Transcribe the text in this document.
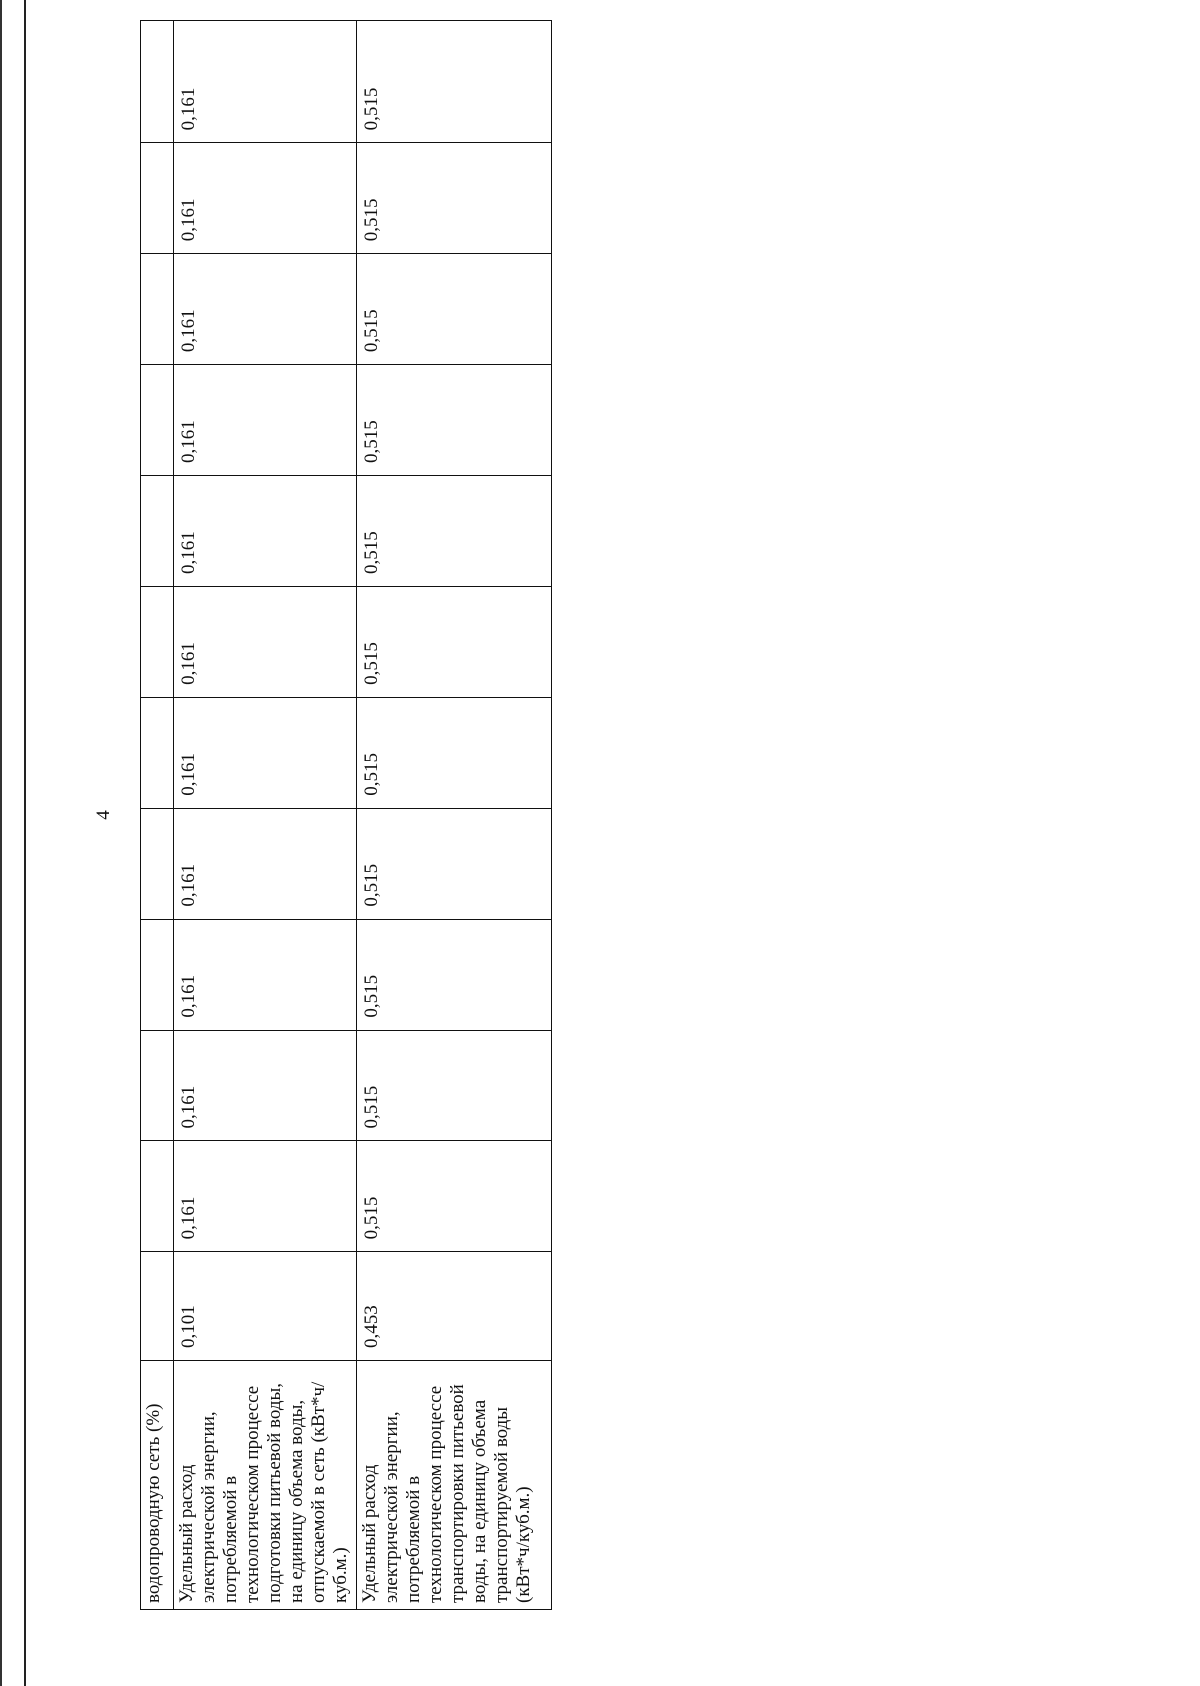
4
водопроводную сеть (%)												
Удельный расход электрической энергии, потребляемой в технологическом процессе подготовки питьевой воды, на единицу объема воды, отпускаемой в сеть (кВт*ч/куб.м.)	0,101	0,161	0,161	0,161	0,161	0,161	0,161	0,161	0,161	0,161	0,161	0,161
Удельный расход электрической энергии, потребляемой в технологическом процессе транспортировки питьевой воды, на единицу объема транспортируемой воды (кВт*ч/куб.м.)	0,453	0,515	0,515	0,515	0,515	0,515	0,515	0,515	0,515	0,515	0,515	0,515
